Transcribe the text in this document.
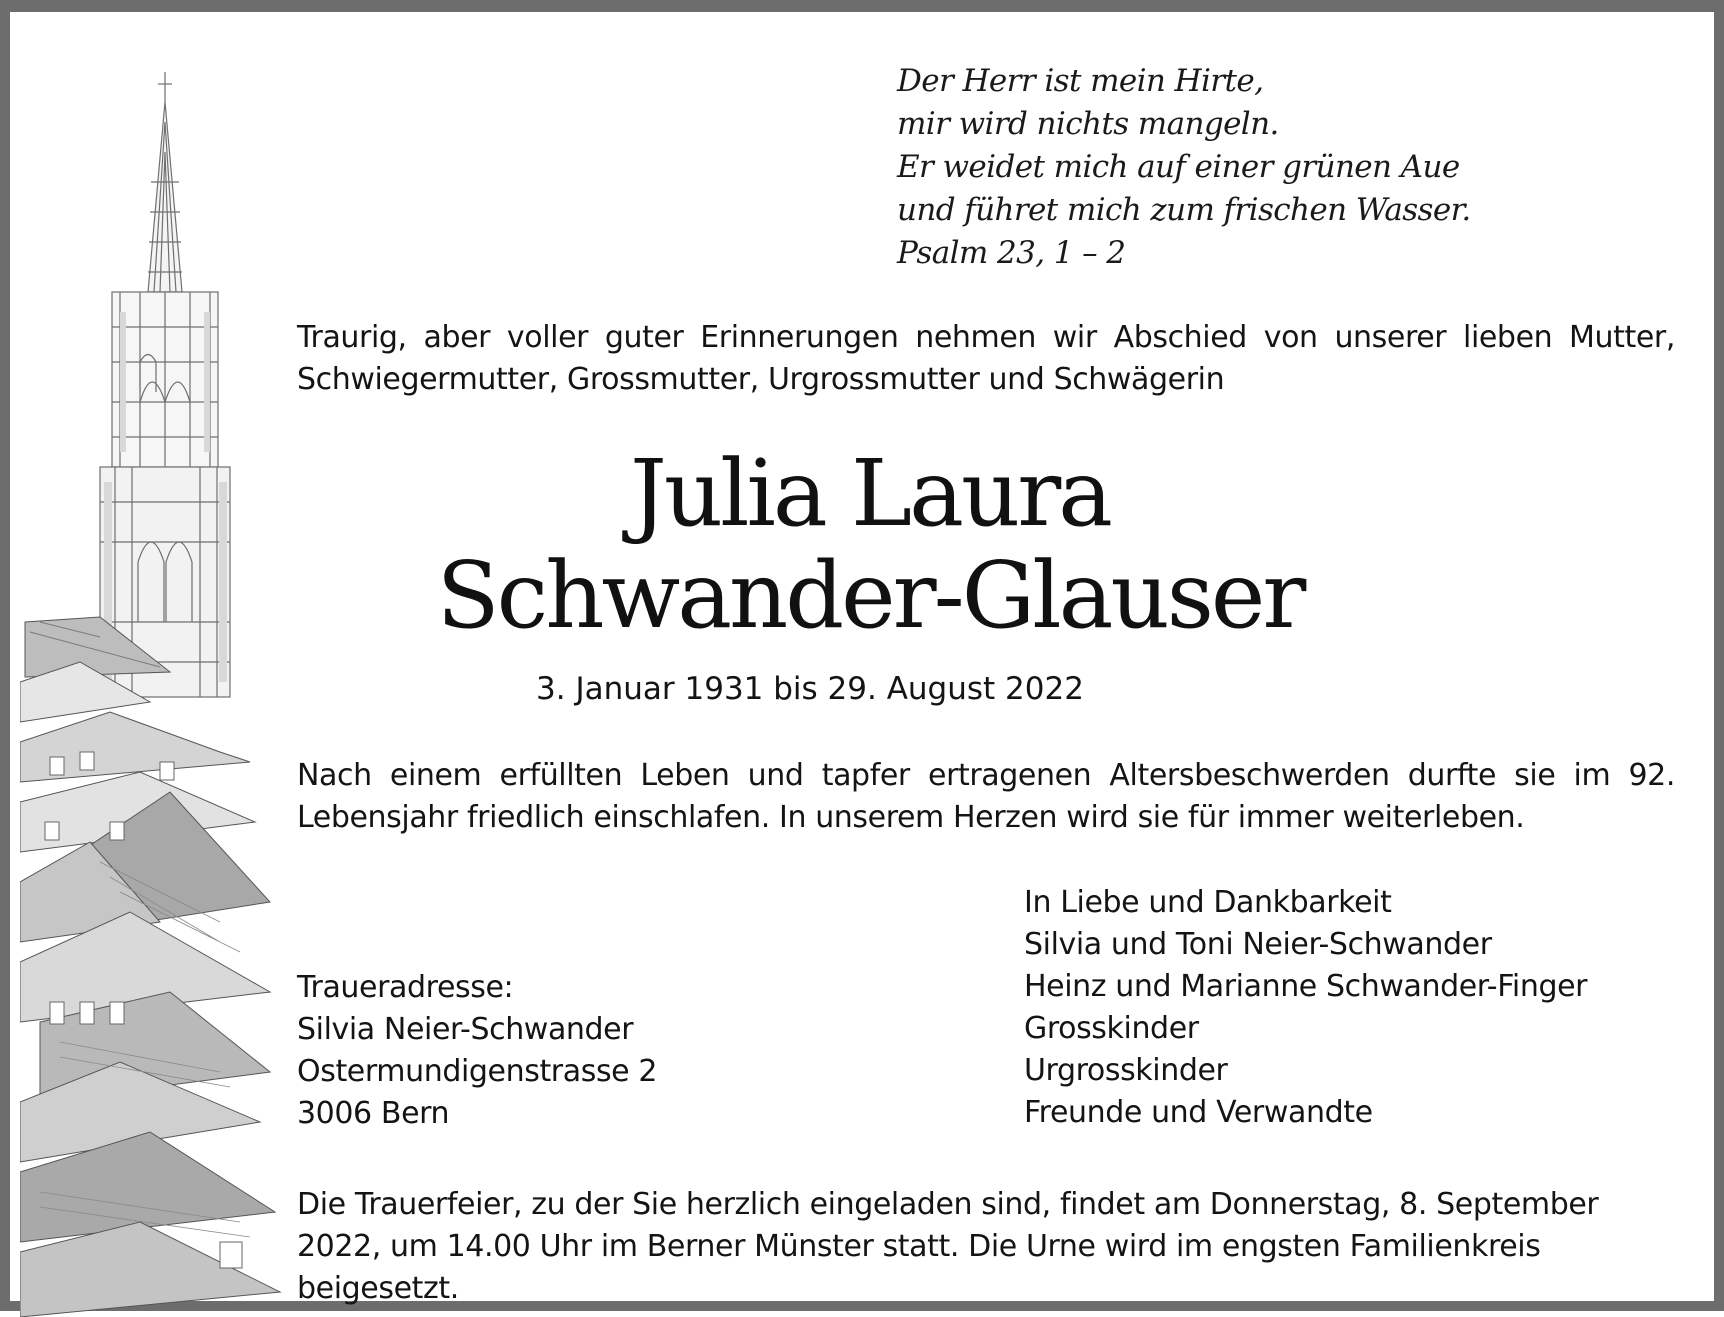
Der Herr ist mein Hirte,
mir wird nichts mangeln.
Er weidet mich auf einer grünen Aue
und führet mich zum frischen Wasser.
Psalm 23, 1 – 2
Traurig, aber voller guter Erinnerungen nehmen wir Abschied von unserer lieben Mutter, Schwiegermutter, Grossmutter, Urgrossmutter und Schwägerin
Julia Laura
Schwander-Glauser
3. Januar 1931 bis 29. August 2022
Nach einem erfüllten Leben und tapfer ertragenen Altersbeschwerden durfte sie im 92. Lebensjahr friedlich einschlafen. In unserem Herzen wird sie für immer weiterleben.
In Liebe und Dankbarkeit
Silvia und Toni Neier-Schwander
Heinz und Marianne Schwander-Finger
Grosskinder
Urgrosskinder
Freunde und Verwandte
Traueradresse:
Silvia Neier-Schwander
Ostermundigenstrasse 2
3006 Bern
Die Trauerfeier, zu der Sie herzlich eingeladen sind, findet am Donnerstag, 8. September 2022, um 14.00 Uhr im Berner Münster statt. Die Urne wird im engsten Familienkreis beigesetzt.
